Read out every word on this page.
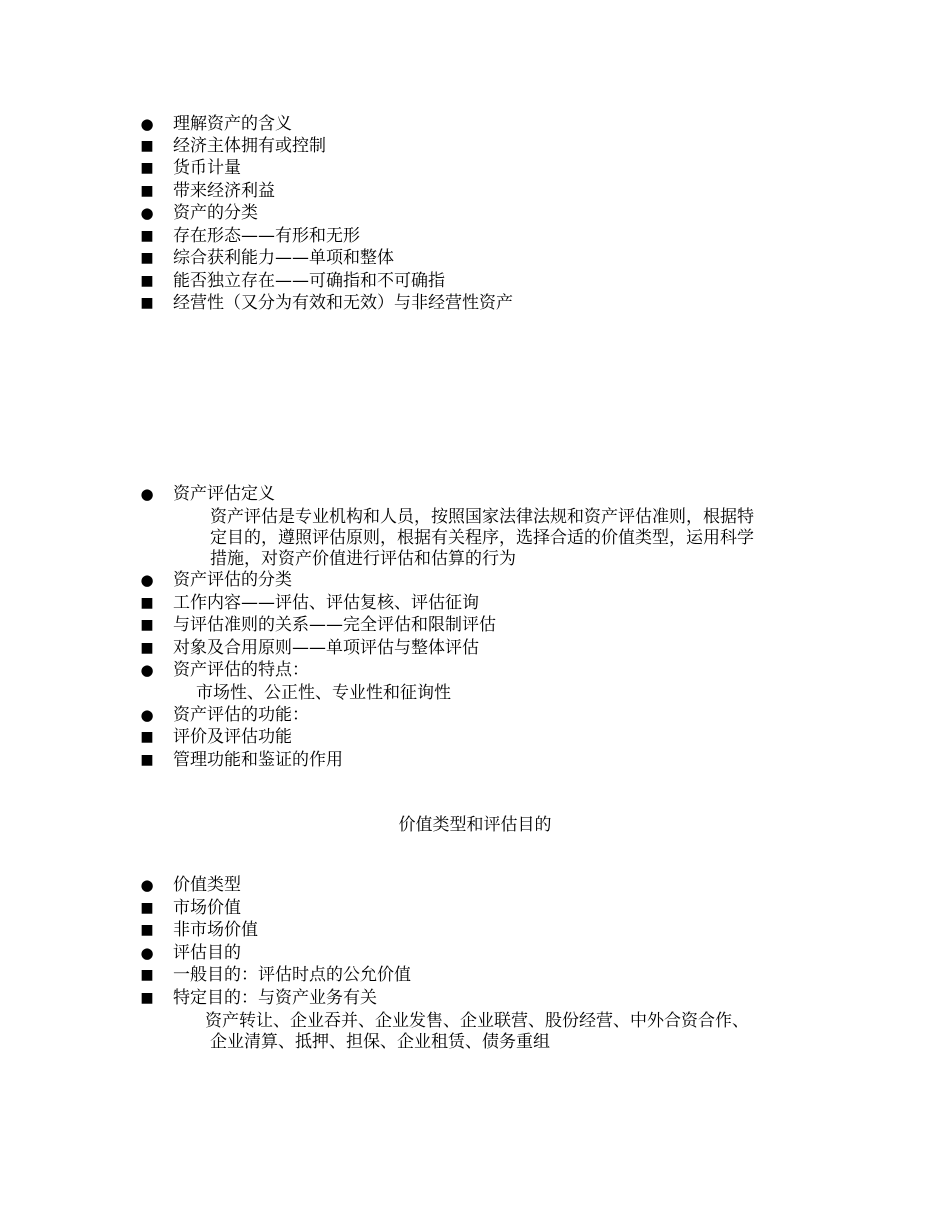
● 理解资产的含义
■ 经济主体拥有或控制
■ 货币计量
■ 带来经济利益
● 资产的分类
■ 存在形态——有形和无形
■ 综合获利能力——单项和整体
■ 能否独立存在——可确指和不可确指
■ 经营性（又分为有效和无效）与非经营性资产
● 资产评估定义
资产评估是专业机构和人员，按照国家法律法规和资产评估准则，根据特
定目的，遵照评估原则，根据有关程序，选择合适的价值类型，运用科学
措施，对资产价值进行评估和估算的行为
● 资产评估的分类
■ 工作内容——评估、评估复核、评估征询
■ 与评估准则的关系——完全评估和限制评估
■ 对象及合用原则——单项评估与整体评估
● 资产评估的特点：
市场性、公正性、专业性和征询性
● 资产评估的功能：
■ 评价及评估功能
■ 管理功能和鉴证的作用
价值类型和评估目的
● 价值类型
■ 市场价值
■ 非市场价值
● 评估目的
■ 一般目的：评估时点的公允价值
■ 特定目的：与资产业务有关
资产转让、企业吞并、企业发售、企业联营、股份经营、中外合资合作、
企业清算、抵押、担保、企业租赁、债务重组
